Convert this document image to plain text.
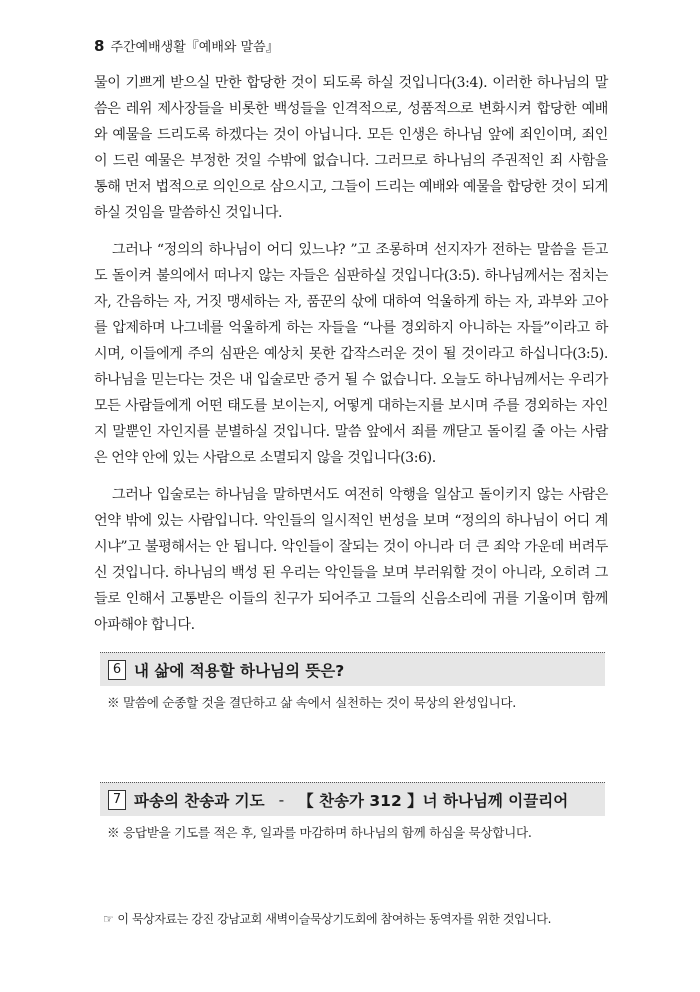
8 주간예배생활『예배와 말씀』

물이 기쁘게 받으실 만한 합당한 것이 되도록 하실 것입니다(3:4). 이러한 하나님의 말씀은 레위 제사장들을 비롯한 백성들을 인격적으로, 성품적으로 변화시켜 합당한 예배와 예물을 드리도록 하겠다는 것이 아닙니다. 모든 인생은 하나님 앞에 죄인이며, 죄인이 드린 예물은 부정한 것일 수밖에 없습니다. 그러므로 하나님의 주권적인 죄 사함을 통해 먼저 법적으로 의인으로 삼으시고, 그들이 드리는 예배와 예물을 합당한 것이 되게 하실 것임을 말씀하신 것입니다.

그러나 “정의의 하나님이 어디 있느냐? ”고 조롱하며 선지자가 전하는 말씀을 듣고도 돌이켜 불의에서 떠나지 않는 자들은 심판하실 것입니다(3:5). 하나님께서는 점치는 자, 간음하는 자, 거짓 맹세하는 자, 품꾼의 삯에 대하여 억울하게 하는 자, 과부와 고아를 압제하며 나그네를 억울하게 하는 자들을 “나를 경외하지 아니하는 자들”이라고 하시며, 이들에게 주의 심판은 예상치 못한 갑작스러운 것이 될 것이라고 하십니다(3:5). 하나님을 믿는다는 것은 내 입술로만 증거 될 수 없습니다. 오늘도 하나님께서는 우리가 모든 사람들에게 어떤 태도를 보이는지, 어떻게 대하는지를 보시며 주를 경외하는 자인지 말뿐인 자인지를 분별하실 것입니다. 말씀 앞에서 죄를 깨닫고 돌이킬 줄 아는 사람은 언약 안에 있는 사람으로 소멸되지 않을 것입니다(3:6).

그러나 입술로는 하나님을 말하면서도 여전히 악행을 일삼고 돌이키지 않는 사람은 언약 밖에 있는 사람입니다. 악인들의 일시적인 번성을 보며 “정의의 하나님이 어디 계시냐”고 불평해서는 안 됩니다. 악인들이 잘되는 것이 아니라 더 큰 죄악 가운데 버려두신 것입니다. 하나님의 백성 된 우리는 악인들을 보며 부러워할 것이 아니라, 오히려 그들로 인해서 고통받은 이들의 친구가 되어주고 그들의 신음소리에 귀를 기울이며 함께 아파해야 합니다.

6 내 삶에 적용할 하나님의 뜻은?
※ 말씀에 순종할 것을 결단하고 삶 속에서 실천하는 것이 묵상의 완성입니다.
7 파송의 찬송과 기도 - 【 찬송가 312 】너 하나님께 이끌리어
※ 응답받을 기도를 적은 후, 일과를 마감하며 하나님의 함께 하심을 묵상합니다.
☞ 이 묵상자료는 강진 강남교회 새벽이슬묵상기도회에 참여하는 동역자를 위한 것입니다.
